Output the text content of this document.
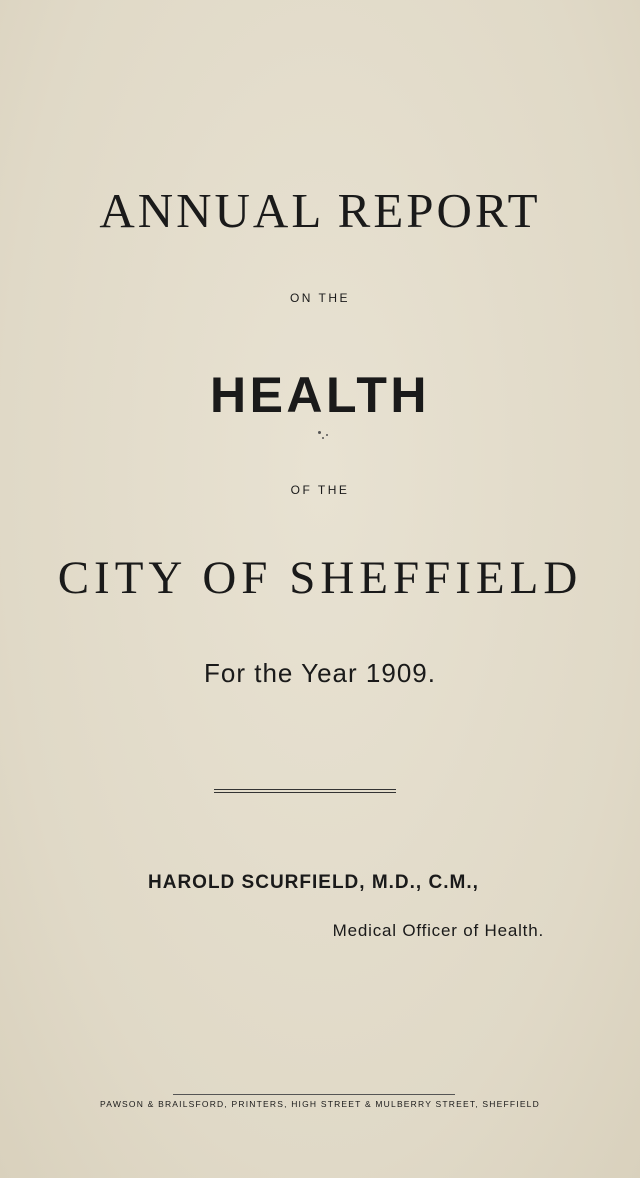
ANNUAL REPORT
ON THE
HEALTH
OF THE
CITY OF SHEFFIELD
For the Year 1909.
HAROLD SCURFIELD, M.D., C.M.,
Medical Officer of Health.
PAWSON & BRAILSFORD, PRINTERS, HIGH STREET & MULBERRY STREET, SHEFFIELD
